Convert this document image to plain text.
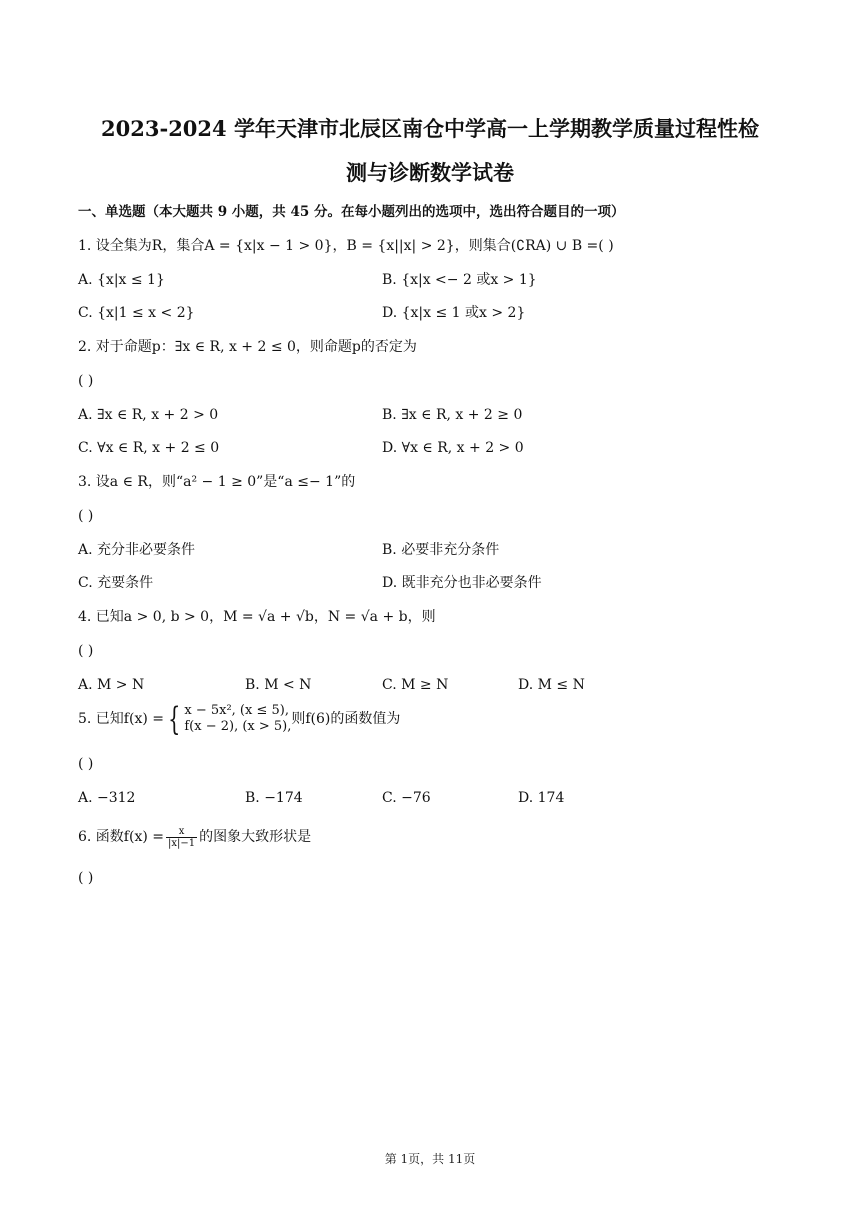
2023-2024 学年天津市北辰区南仓中学高一上学期教学质量过程性检
测与诊断数学试卷
一、单选题（本大题共 9 小题，共 45 分。在每小题列出的选项中，选出符合题目的一项）
1. 设全集为R，集合A = {x|x − 1 > 0}，B = {x||x| > 2}，则集合(∁RA) ∪ B =( )
A. {x|x ≤ 1}	B. {x|x <− 2 或x > 1}
C. {x|1 ≤ x < 2}	D. {x|x ≤ 1 或x > 2}
2. 对于命题p：∃x ∈ R, x + 2 ≤ 0，则命题p的否定为
( )
A. ∃x ∈ R, x + 2 > 0	B. ∃x ∈ R, x + 2 ≥ 0
C. ∀x ∈ R, x + 2 ≤ 0	D. ∀x ∈ R, x + 2 > 0
3. 设a ∈ R，则“a² − 1 ≥ 0”是“a ≤− 1”的
( )
A. 充分非必要条件	B. 必要非充分条件
C. 充要条件	D. 既非充分也非必要条件
4. 已知a > 0, b > 0，M = √a + √b，N = √a + b，则
( )
A. M > N	B. M < N	C. M ≥ N	D. M ≤ N
5. 已知f(x) = { x − 5x², (x ≤ 5),
f(x − 2), (x > 5), 则f(6)的函数值为
( )
A. −312	B. −174	C. −76	D. 174
6. 函数$f(x) = \frac{x}{|x|-1}$ 的图象大致形状是
( )
第 1页，共 11页
